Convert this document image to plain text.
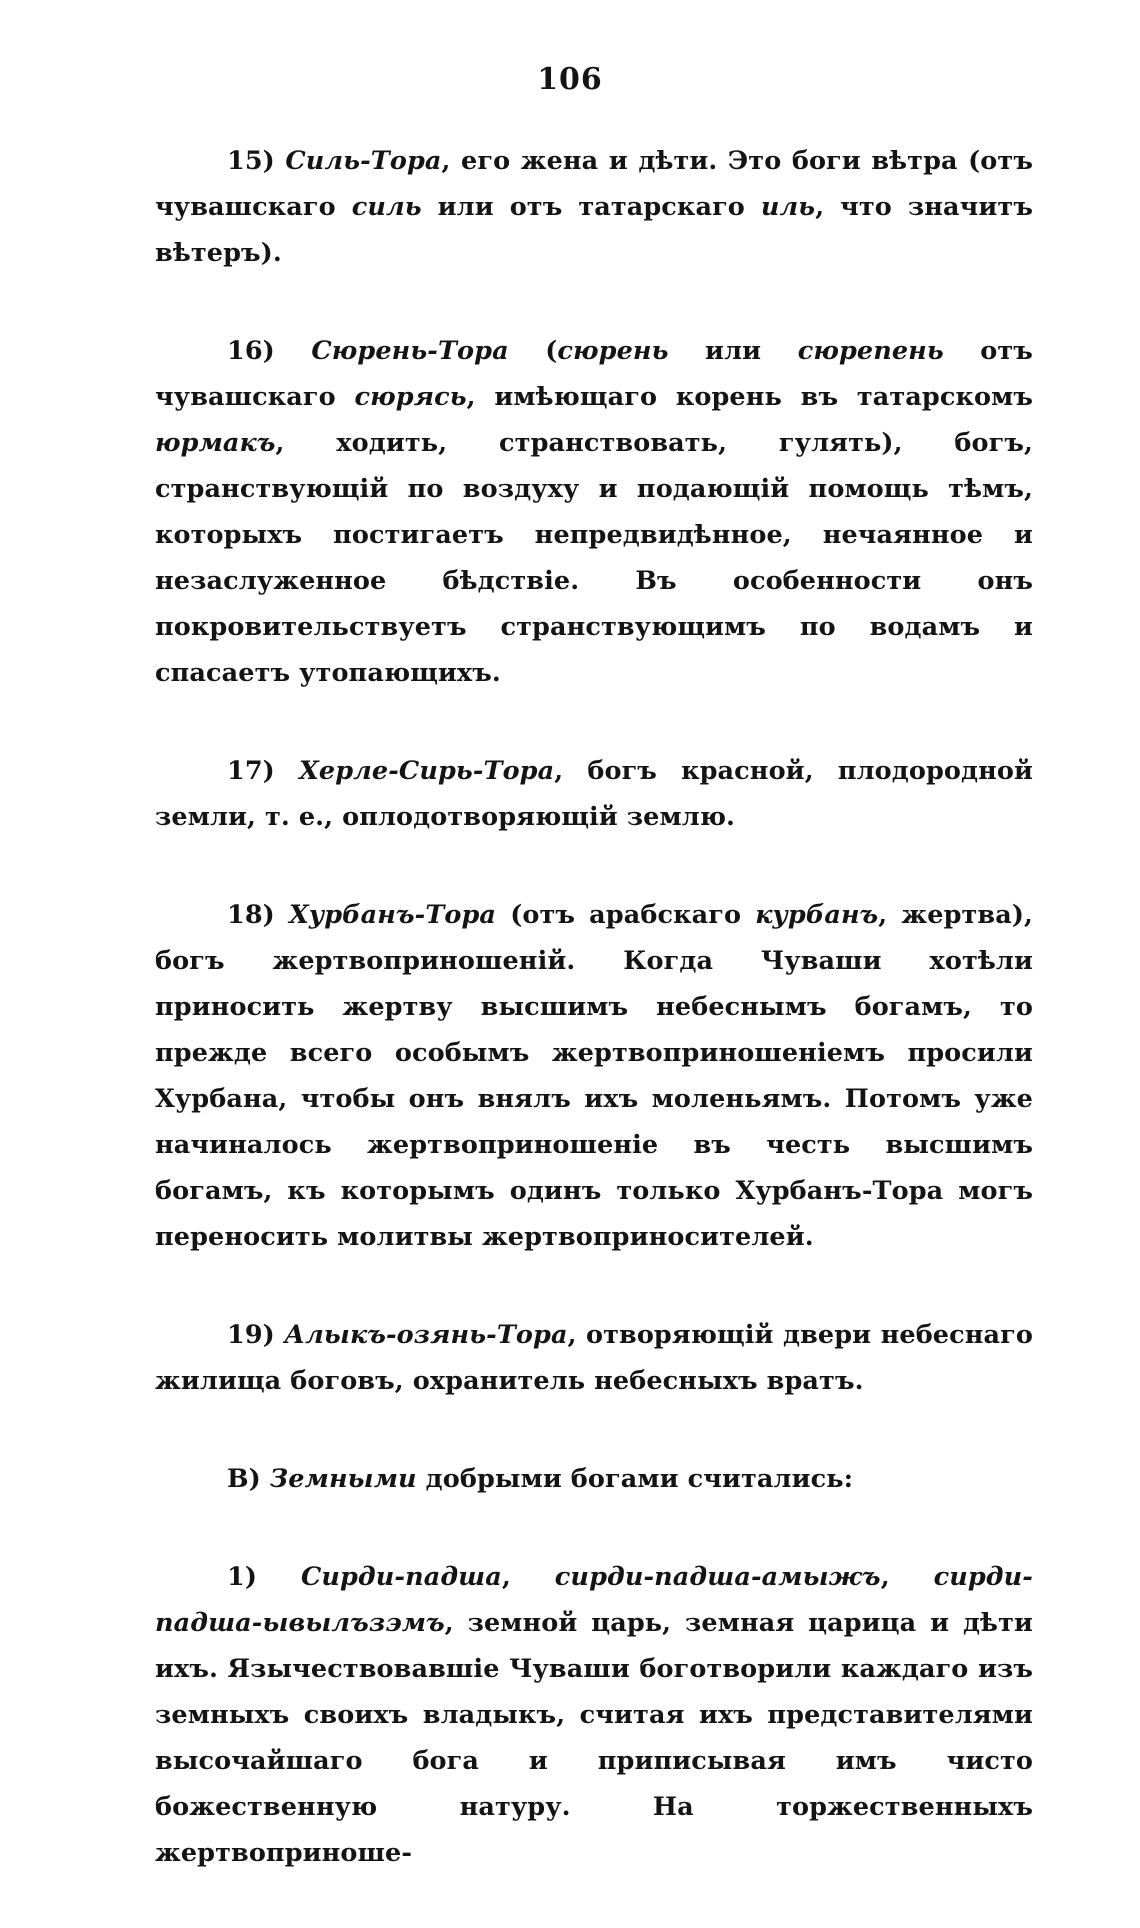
106

15) Силь-Тора, его жена и дѣти. Это боги вѣтра (отъ чувашскаго силь или отъ татарскаго иль, что значитъ вѣтеръ).

16) Сюрень-Тора (сюрень или сюрепень отъ чувашскаго сюрясь, имѣющаго корень въ татарскомъ юрмакъ, ходить, странствовать, гулять), богъ, странствующій по воздуху и подающій помощь тѣмъ, которыхъ постигаетъ непредвидѣнное, нечаянное и незаслуженное бѣдствіе. Въ особенности онъ покровительствуетъ странствующимъ по водамъ и спасаетъ утопающихъ.

17) Херле-Сирь-Тора, богъ красной, плодородной земли, т. е., оплодотворяющій землю.

18) Хурбанъ-Тора (отъ арабскаго курбанъ, жертва), богъ жертвоприношеній. Когда Чуваши хотѣли приносить жертву высшимъ небеснымъ богамъ, то прежде всего особымъ жертвоприношеніемъ просили Хурбана, чтобы онъ внялъ ихъ моленьямъ. Потомъ уже начиналось жертвоприношеніе въ честь высшимъ богамъ, къ которымъ одинъ только Хурбанъ-Тора могъ переносить молитвы жертвоприносителей.

19) Алыкъ-озянь-Тора, отворяющій двери небеснаго жилища боговъ, охранитель небесныхъ вратъ.

В) Земными добрыми богами считались:

1) Сирди-падша, сирди-падша-амыжъ, сирди-падша-ывылъзэмъ, земной царь, земная царица и дѣти ихъ. Язычествовавшіе Чуваши боготворили каждаго изъ земныхъ своихъ владыкъ, считая ихъ представителями высочайшаго бога и приписывая имъ чисто божественную натуру. На торжественныхъ жертвоприноше-
